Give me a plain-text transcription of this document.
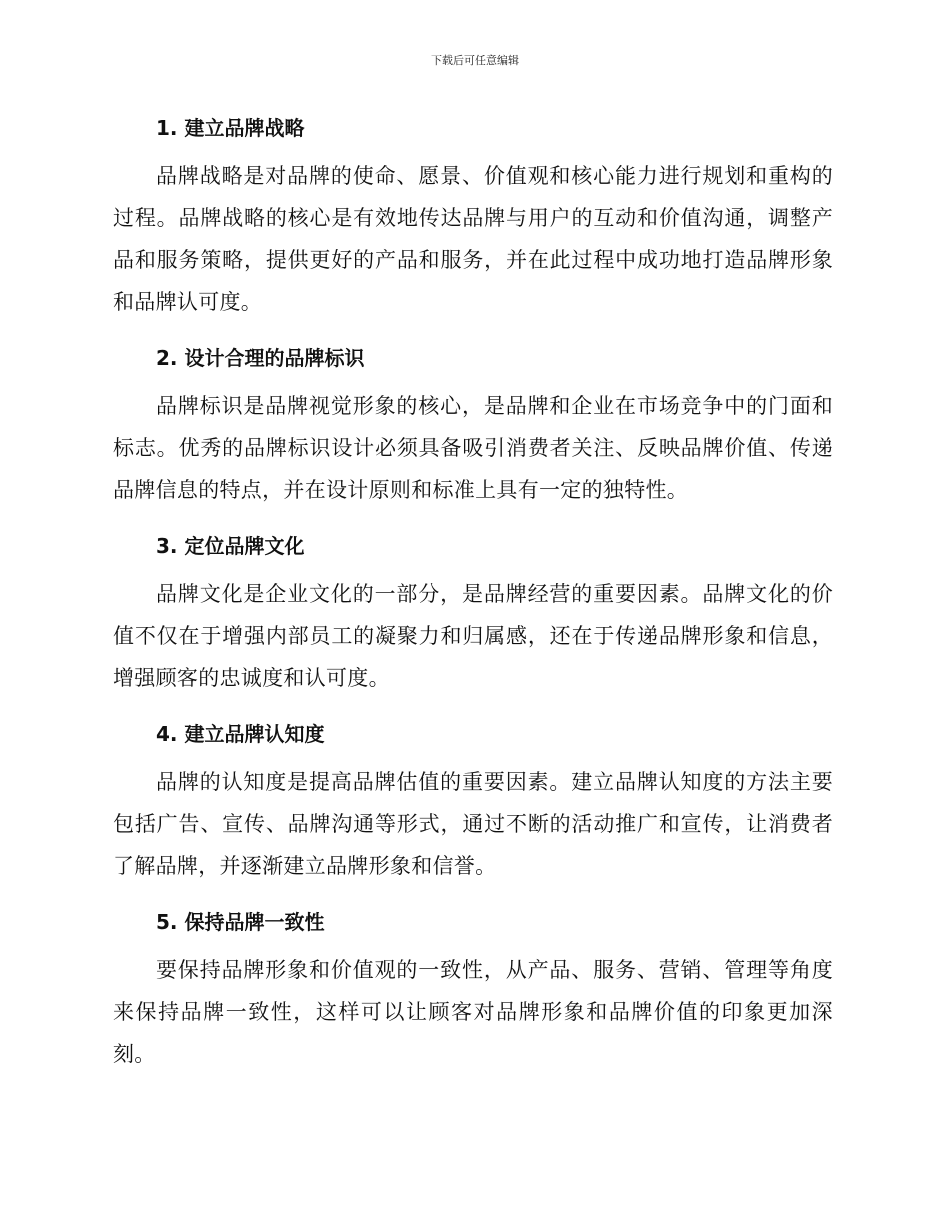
下载后可任意编辑
1. 建立品牌战略

品牌战略是对品牌的使命、愿景、价值观和核心能力进行规划和重构的过程。品牌战略的核心是有效地传达品牌与用户的互动和价值沟通，调整产品和服务策略，提供更好的产品和服务，并在此过程中成功地打造品牌形象和品牌认可度。

2. 设计合理的品牌标识

品牌标识是品牌视觉形象的核心，是品牌和企业在市场竞争中的门面和标志。优秀的品牌标识设计必须具备吸引消费者关注、反映品牌价值、传递品牌信息的特点，并在设计原则和标准上具有一定的独特性。

3. 定位品牌文化

品牌文化是企业文化的一部分，是品牌经营的重要因素。品牌文化的价值不仅在于增强内部员工的凝聚力和归属感，还在于传递品牌形象和信息，增强顾客的忠诚度和认可度。

4. 建立品牌认知度

品牌的认知度是提高品牌估值的重要因素。建立品牌认知度的方法主要包括广告、宣传、品牌沟通等形式，通过不断的活动推广和宣传，让消费者了解品牌，并逐渐建立品牌形象和信誉。

5. 保持品牌一致性

要保持品牌形象和价值观的一致性，从产品、服务、营销、管理等角度来保持品牌一致性，这样可以让顾客对品牌形象和品牌价值的印象更加深刻。
